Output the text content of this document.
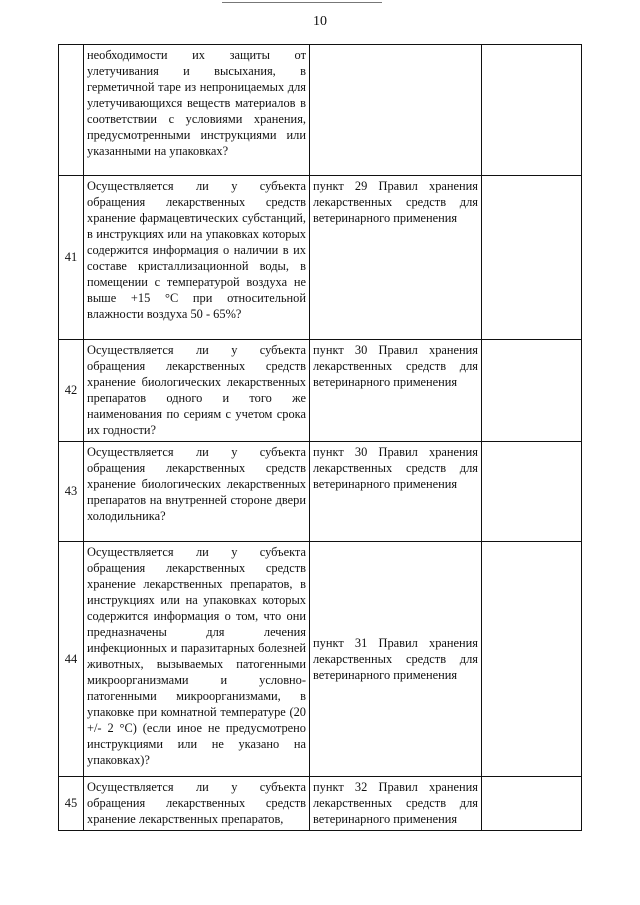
10
	необходимости их защиты от улетучивания и высыхания, в герметичной таре из непроницаемых для улетучивающихся веществ материалов в соответствии с условиями хранения, предусмотренными инструкциями или указанными на упаковках?		
41	Осуществляется ли у субъекта обращения лекарственных средств хранение фармацевтических субстанций, в инструкциях или на упаковках которых содержится информация о наличии в их составе кристаллизационной воды, в помещении с температурой воздуха не выше +15 °С при относительной влажности воздуха 50 - 65%?	пункт 29 Правил хранения лекарственных средств для ветеринарного применения	
42	Осуществляется ли у субъекта обращения лекарственных средств хранение биологических лекарственных препаратов одного и того же наименования по сериям с учетом срока их годности?	пункт 30 Правил хранения лекарственных средств для ветеринарного применения	
43	Осуществляется ли у субъекта обращения лекарственных средств хранение биологических лекарственных препаратов на внутренней стороне двери холодильника?	пункт 30 Правил хранения лекарственных средств для ветеринарного применения	
44	Осуществляется ли у субъекта обращения лекарственных средств хранение лекарственных препаратов, в инструкциях или на упаковках которых содержится информация о том, что они предназначены для лечения инфекционных и паразитарных болезней животных, вызываемых патогенными микроорганизмами и условно-патогенными микроорганизмами, в упаковке при комнатной температуре (20 +/- 2 °С) (если иное не предусмотрено инструкциями или не указано на упаковках)?	пункт 31 Правил хранения лекарственных средств для ветеринарного применения	
45	Осуществляется ли у субъекта обращения лекарственных средств хранение лекарственных препаратов,	пункт 32 Правил хранения лекарственных средств для ветеринарного применения	
